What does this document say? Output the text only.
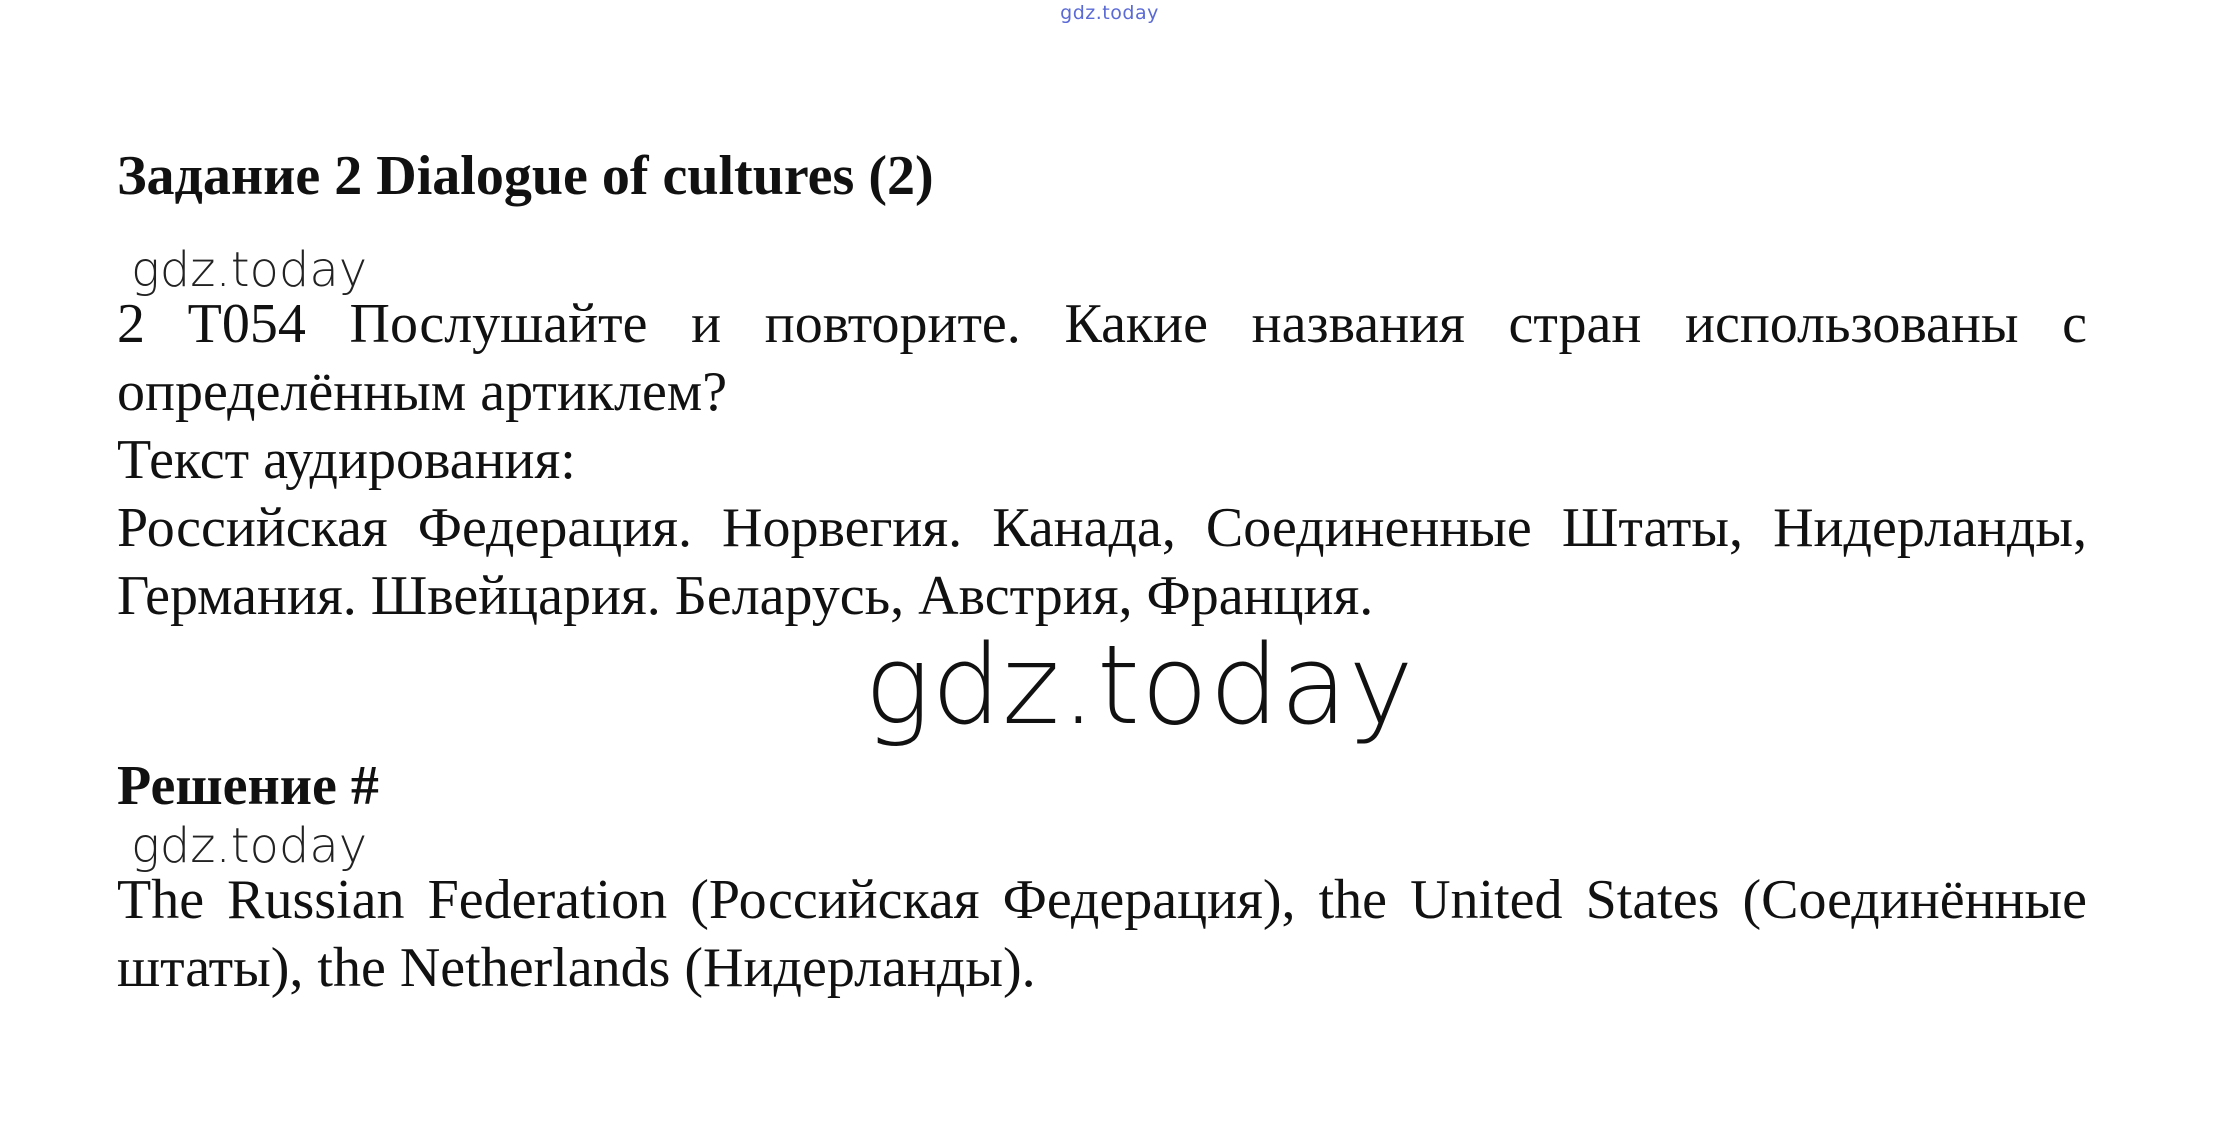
gdz.today
Задание 2 Dialogue of cultures (2)
gdz.today

2 T054 Послушайте и повторите. Какие названия стран использованы с определённым артиклем?

Текст аудирования:

Российская Федерация. Норвегия. Канада, Соединенные Штаты, Нидерланды, Германия. Швейцария. Беларусь, Австрия, Франция.

Решение #
gdz.today

The Russian Federation (Российская Федерация), the United States (Соединённые штаты), the Netherlands (Нидерланды).

gdz.today
